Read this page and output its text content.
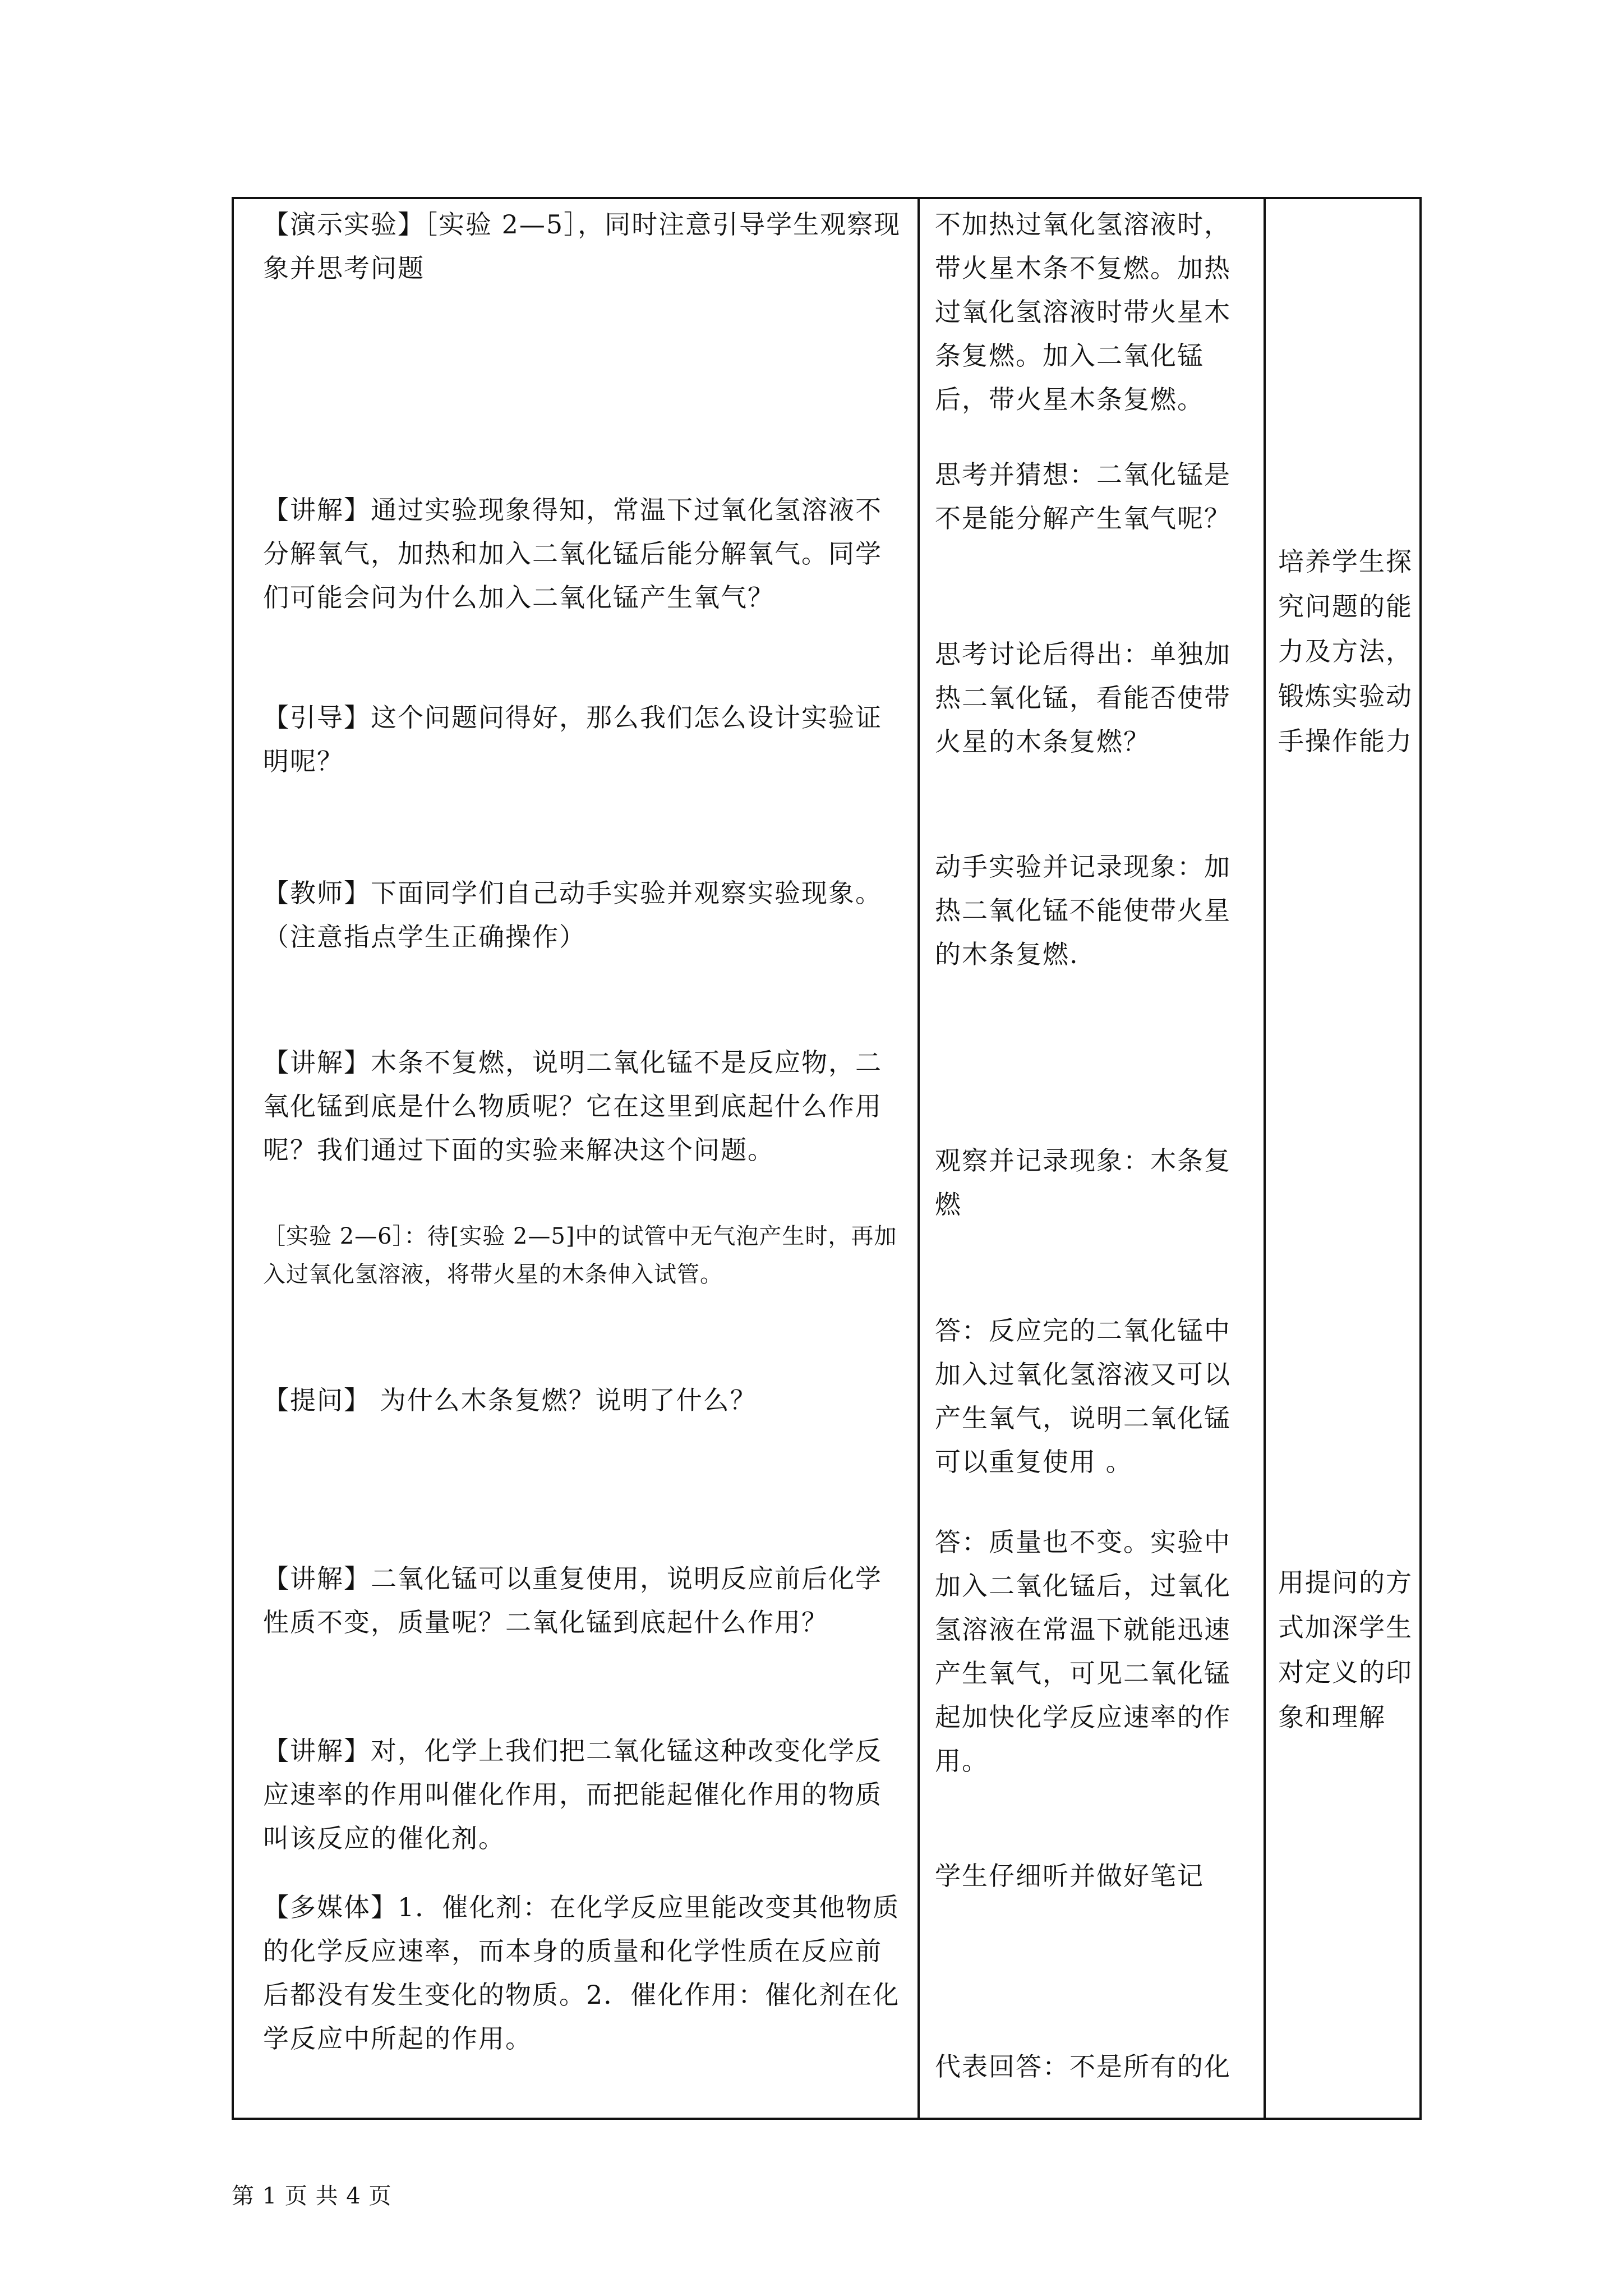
【演示实验】［实验 2—5］，同时注意引导学生观察现象并思考问题

【讲解】通过实验现象得知，常温下过氧化氢溶液不分解氧气，加热和加入二氧化锰后能分解氧气。同学们可能会问为什么加入二氧化锰产生氧气？

【引导】这个问题问得好，那么我们怎么设计实验证明呢？

【教师】下面同学们自己动手实验并观察实验现象。（注意指点学生正确操作）

【讲解】木条不复燃，说明二氧化锰不是反应物，二氧化锰到底是什么物质呢？它在这里到底起什么作用呢？我们通过下面的实验来解决这个问题。

［实验 2—6］：待[实验 2—5]中的试管中无气泡产生时，再加入过氧化氢溶液，将带火星的木条伸入试管。

【提问】 为什么木条复燃？说明了什么？

【讲解】二氧化锰可以重复使用，说明反应前后化学性质不变，质量呢？二氧化锰到底起什么作用？

【讲解】对，化学上我们把二氧化锰这种改变化学反应速率的作用叫催化作用，而把能起催化作用的物质叫该反应的催化剂。

【多媒体】1．催化剂：在化学反应里能改变其他物质的化学反应速率，而本身的质量和化学性质在反应前后都没有发生变化的物质。2．催化作用：催化剂在化学反应中所起的作用。

不加热过氧化氢溶液时，带火星木条不复燃。加热过氧化氢溶液时带火星木条复燃。加入二氧化锰后，带火星木条复燃。

思考并猜想：二氧化锰是不是能分解产生氧气呢？

思考讨论后得出：单独加热二氧化锰，看能否使带火星的木条复燃？

动手实验并记录现象：加热二氧化锰不能使带火星的木条复燃.

观察并记录现象：木条复燃

答：反应完的二氧化锰中加入过氧化氢溶液又可以产生氧气，说明二氧化锰可以重复使用 。

答：质量也不变。实验中加入二氧化锰后，过氧化氢溶液在常温下就能迅速产生氧气，可见二氧化锰起加快化学反应速率的作用。

学生仔细听并做好笔记

代表回答：不是所有的化

培养学生探究问题的能力及方法，锻炼实验动手操作能力

用提问的方式加深学生对定义的印象和理解

第 1 页 共 4 页
